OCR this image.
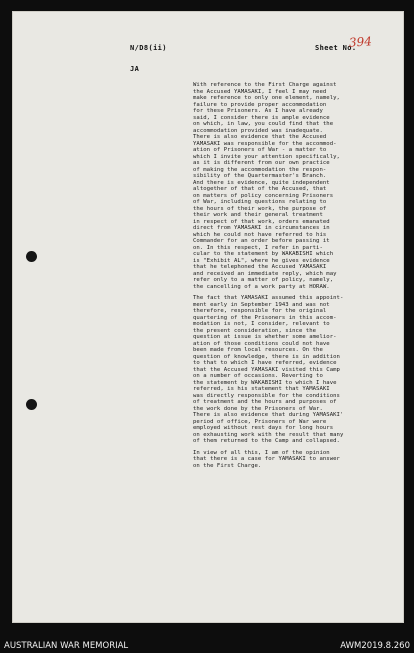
N/D8(ii)	Sheet No.
394
JA

With reference to the First Charge against
the Accused YAMASAKI, I feel I may need
make reference to only one element, namely,
failure to provide proper accommodation
for these Prisoners. As I have already
said, I consider there is ample evidence
on which, in law, you could find that the
accommodation provided was inadequate.
There is also evidence that the Accused
YAMASAKI was responsible for the accommod-
ation of Prisoners of War - a matter to
which I invite your attention specifically,
as it is different from our own practice
of making the accommodation the respon-
sibility of the Quartermaster's Branch.
And there is evidence, quite independent
altogether of that of the Accused, that
on matters of policy concerning Prisoners
of War, including questions relating to
the hours of their work, the purpose of
their work and their general treatment
in respect of that work, orders emanated
direct from YAMASAKI in circumstances in
which he could not have referred to his
Commander for an order before passing it
on. In this respect, I refer in parti-
cular to the statement by WAKABISHI which
is "Exhibit AL", where he gives evidence
that he telephoned the Accused YAMASAKI
and received an immediate reply, which may
refer only to a matter of policy, namely,
the cancelling of a work party at HORAW.

The fact that YAMASAKI assumed this appoint-
ment early in September 1943 and was not
therefore, responsible for the original
quartering of the Prisoners in this accom-
modation is not, I consider, relevant to
the present consideration, since the
question at issue is whether some amelior-
ation of those conditions could not have
been made from local resources. On the
question of knowledge, there is in addition
to that to which I have referred, evidence
that the Accused YAMASAKI visited this Camp
on a number of occasions. Reverting to
the statement by WAKABISHI to which I have
referred, is his statement that YAMASAKI
was directly responsible for the conditions
of treatment and the hours and purposes of
the work done by the Prisoners of War.
There is also evidence that during YAMASAKI'
period of office, Prisoners of War were
employed without rest days for long hours
on exhausting work with the result that many
of them returned to the Camp and collapsed.

In view of all this, I am of the opinion
that there is a case for YAMASAKI to answer
on the First Charge.

AUSTRALIAN WAR MEMORIAL	AWM2019.8.260
